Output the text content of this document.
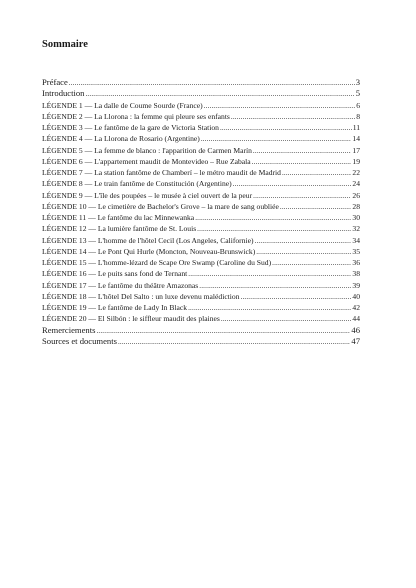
Sommaire
Préface .....	3
Introduction .....	5
LÉGENDE 1 — La dalle de Coume Sourde (France) .....	6
LÉGENDE 2 — La Llorona : la femme qui pleure ses enfants .....	8
LÉGENDE 3 — Le fantôme de la gare de Victoria Station .....	11
LÉGENDE 4 — La Llorona de Rosario (Argentine) .....	14
LÉGENDE 5 — La femme de blanco : l'apparition de Carmen Marín .....	17
LÉGENDE 6 — L'appartement maudit de Montevideo – Rue Zabala .....	19
LÉGENDE 7 — La station fantôme de Chamberí – le métro maudit de Madrid .....	22
LÉGENDE 8 — Le train fantôme de Constitución (Argentine) .....	24
LÉGENDE 9 — L'île des poupées – le musée à ciel ouvert de la peur .....	26
LÉGENDE 10 — Le cimetière de Bachelor's Grove – la mare de sang oubliée .....	28
LÉGENDE 11 — Le fantôme du lac Minnewanka .....	30
LÉGENDE 12 — La lumière fantôme de St. Louis .....	32
LÉGENDE 13 — L'homme de l'hôtel Cecil (Los Angeles, Californie) .....	34
LÉGENDE 14 — Le Pont Qui Hurle (Moncton, Nouveau-Brunswick) .....	35
LÉGENDE 15 — L'homme-lézard de Scape Ore Swamp (Caroline du Sud) .....	36
LÉGENDE 16 — Le puits sans fond de Ternant .....	38
LÉGENDE 17 — Le fantôme du théâtre Amazonas .....	39
LÉGENDE 18 — L'hôtel Del Salto : un luxe devenu malédiction .....	40
LÉGENDE 19 — Le fantôme de Lady In Black .....	42
LÉGENDE 20 — El Silbón : le siffleur maudit des plaines .....	44
Remerciements .....	46
Sources et documents .....	47
